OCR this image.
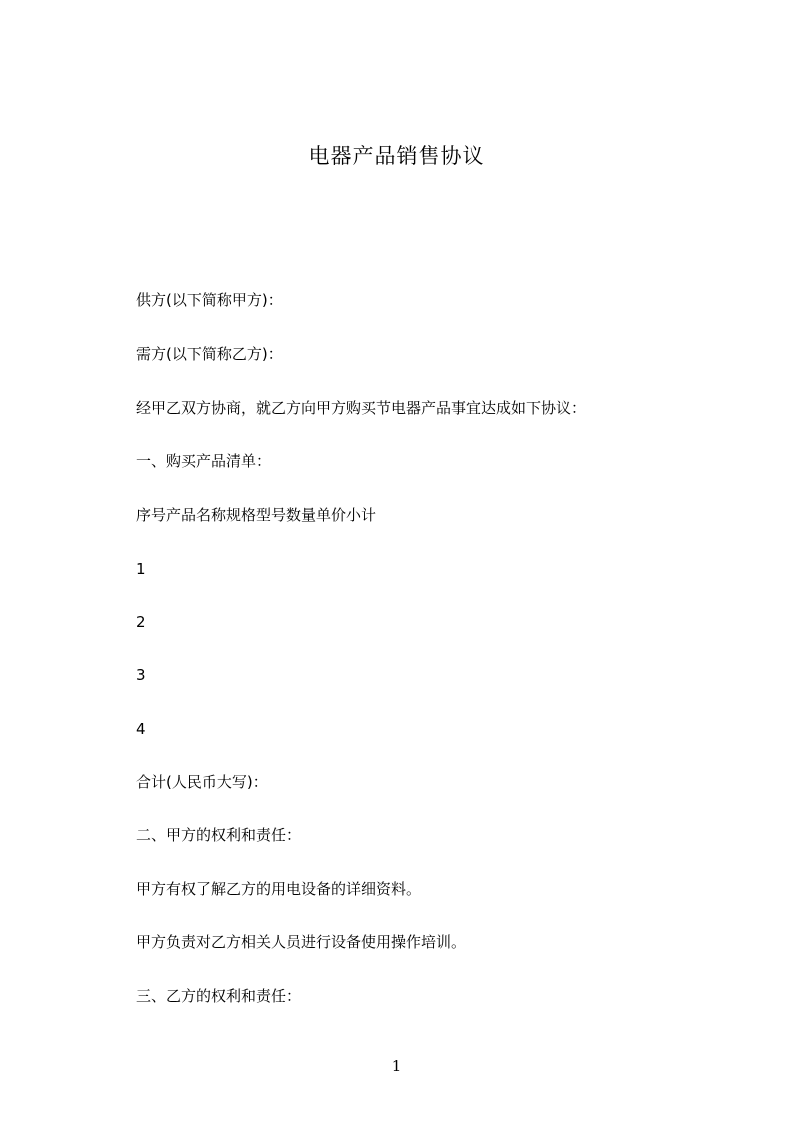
电器产品销售协议
供方(以下简称甲方)：
需方(以下简称乙方)：
经甲乙双方协商，就乙方向甲方购买节电器产品事宜达成如下协议：
一、购买产品清单：
序号产品名称规格型号数量单价小计
1
2
3
4
合计(人民币大写)：
二、甲方的权利和责任：
甲方有权了解乙方的用电设备的详细资料。
甲方负责对乙方相关人员进行设备使用操作培训。
三、乙方的权利和责任：
1
